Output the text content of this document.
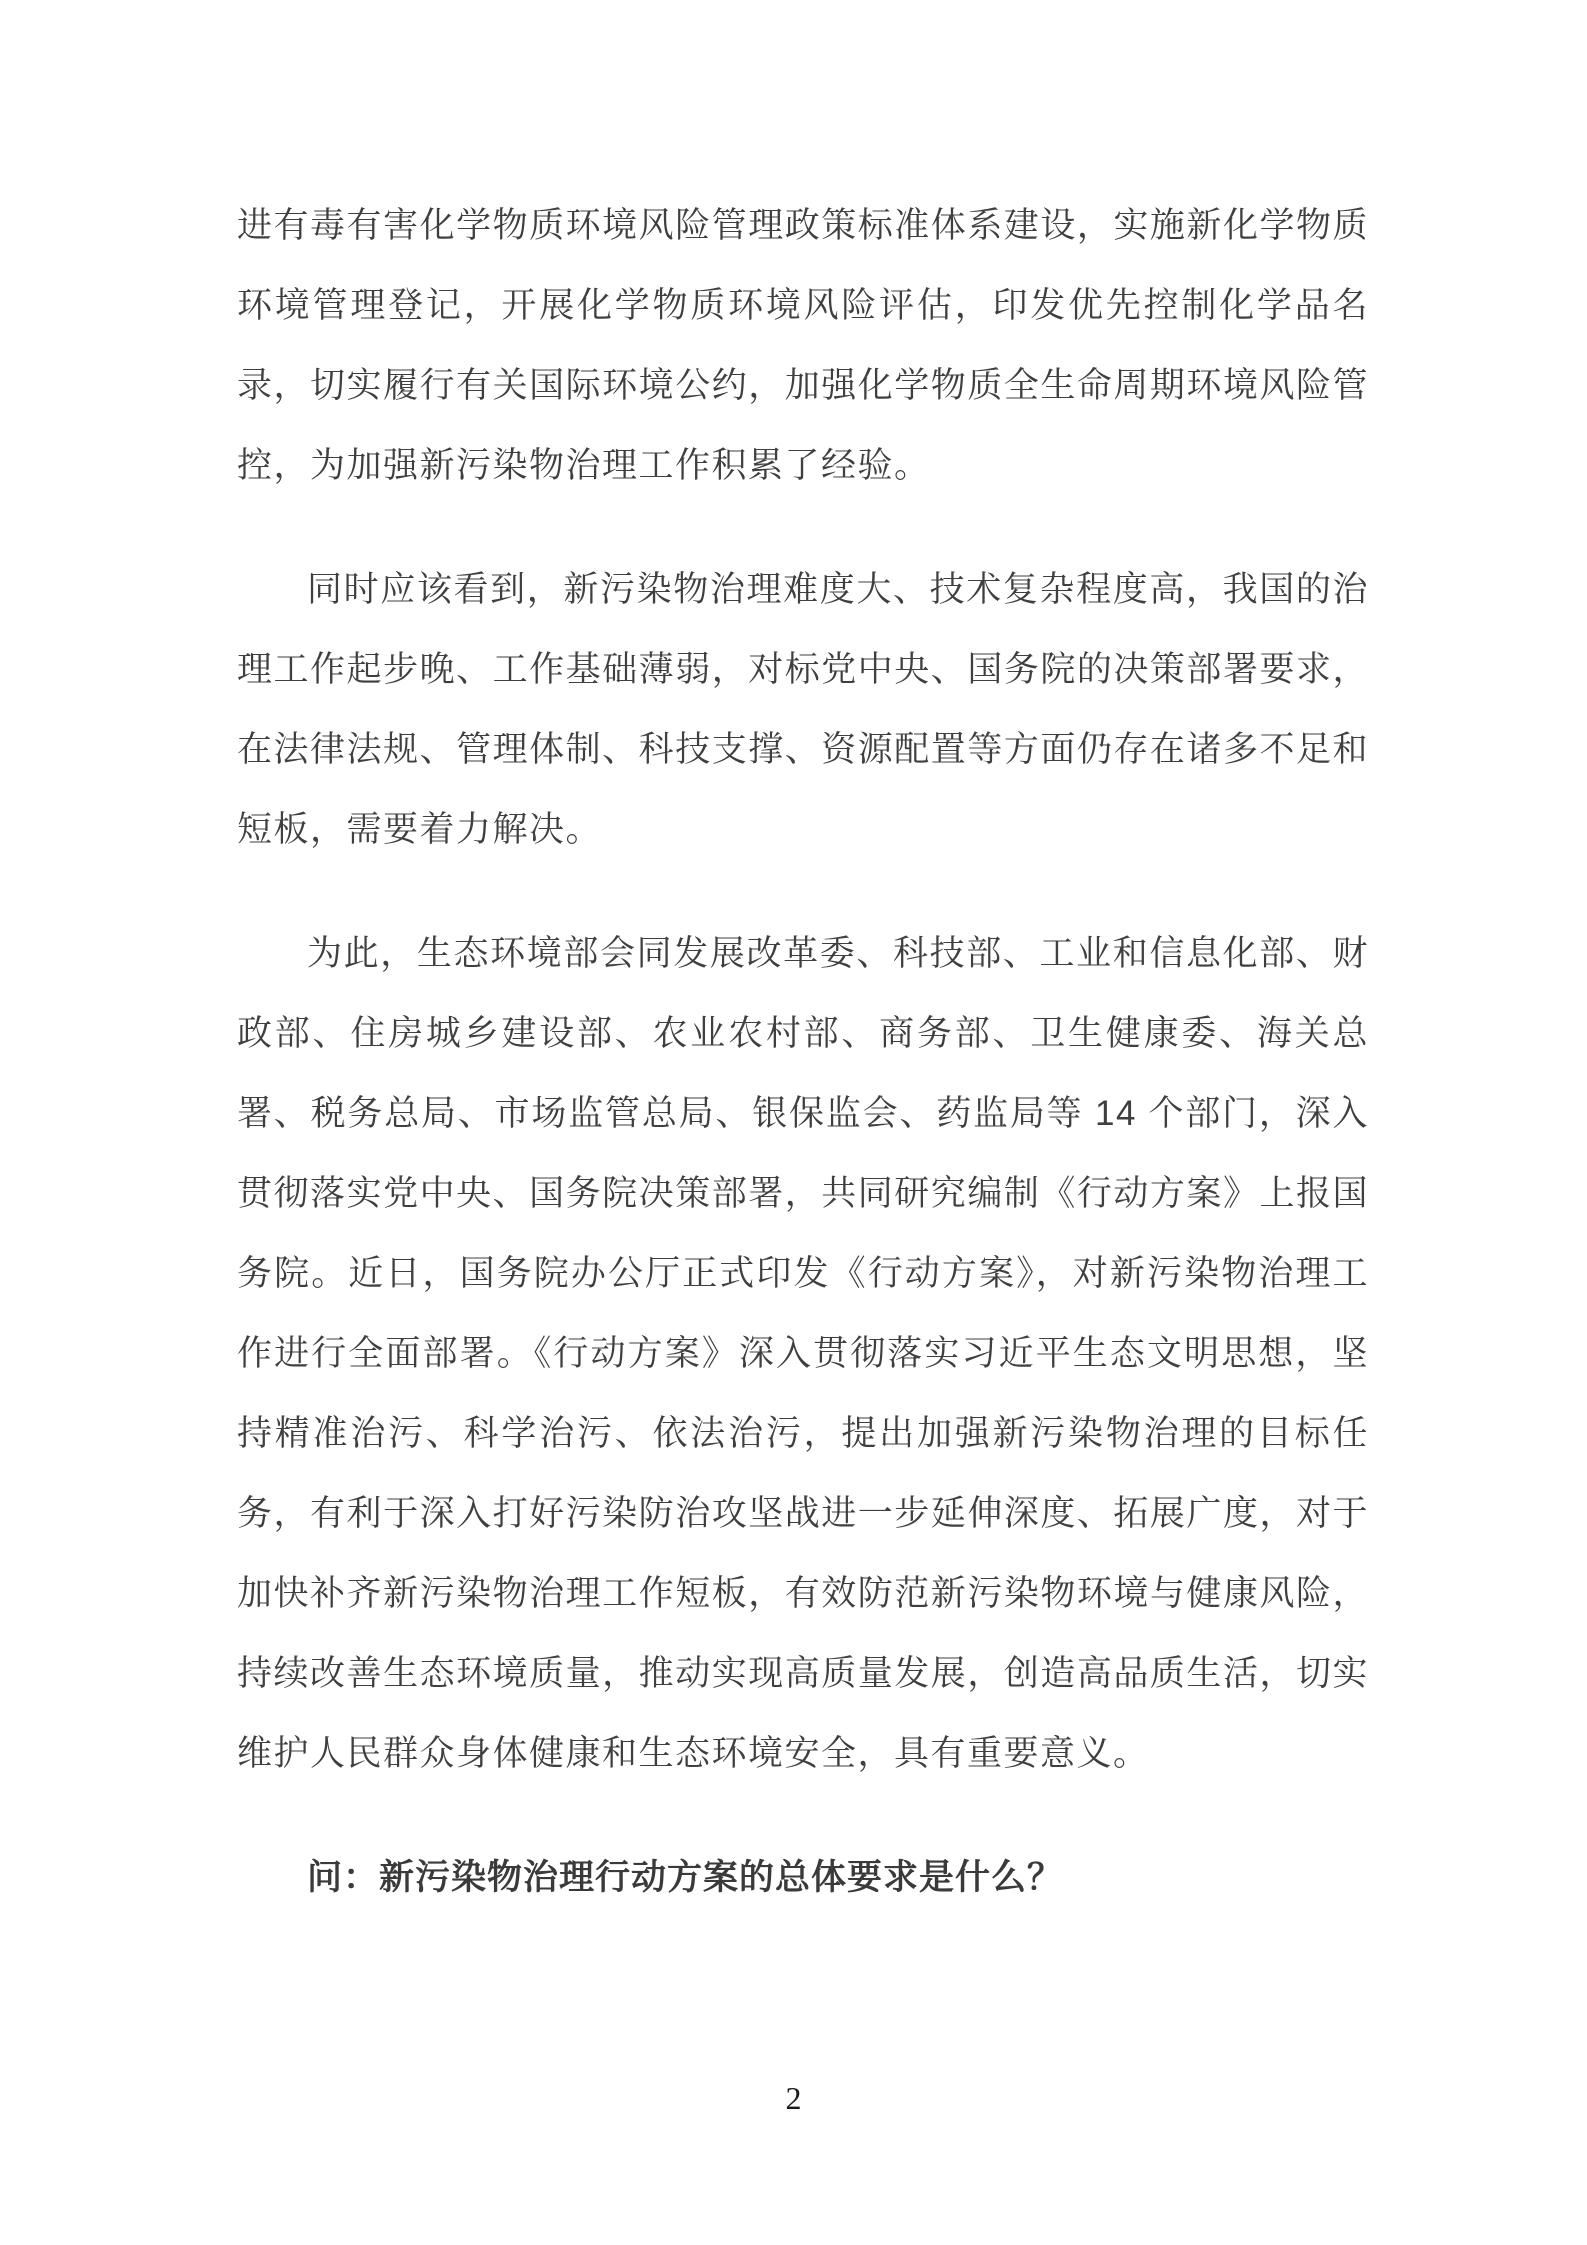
进有毒有害化学物质环境风险管理政策标准体系建设，实施新化学物质环境管理登记，开展化学物质环境风险评估，印发优先控制化学品名录，切实履行有关国际环境公约，加强化学物质全生命周期环境风险管控，为加强新污染物治理工作积累了经验。

同时应该看到，新污染物治理难度大、技术复杂程度高，我国的治理工作起步晚、工作基础薄弱，对标党中央、国务院的决策部署要求，在法律法规、管理体制、科技支撑、资源配置等方面仍存在诸多不足和短板，需要着力解决。

为此，生态环境部会同发展改革委、科技部、工业和信息化部、财政部、住房城乡建设部、农业农村部、商务部、卫生健康委、海关总署、税务总局、市场监管总局、银保监会、药监局等 14 个部门，深入贯彻落实党中央、国务院决策部署，共同研究编制《行动方案》上报国务院。近日，国务院办公厅正式印发《行动方案》，对新污染物治理工作进行全面部署。《行动方案》深入贯彻落实习近平生态文明思想，坚持精准治污、科学治污、依法治污，提出加强新污染物治理的目标任务，有利于深入打好污染防治攻坚战进一步延伸深度、拓展广度，对于加快补齐新污染物治理工作短板，有效防范新污染物环境与健康风险，持续改善生态环境质量，推动实现高质量发展，创造高品质生活，切实维护人民群众身体健康和生态环境安全，具有重要意义。

问：新污染物治理行动方案的总体要求是什么？

2
